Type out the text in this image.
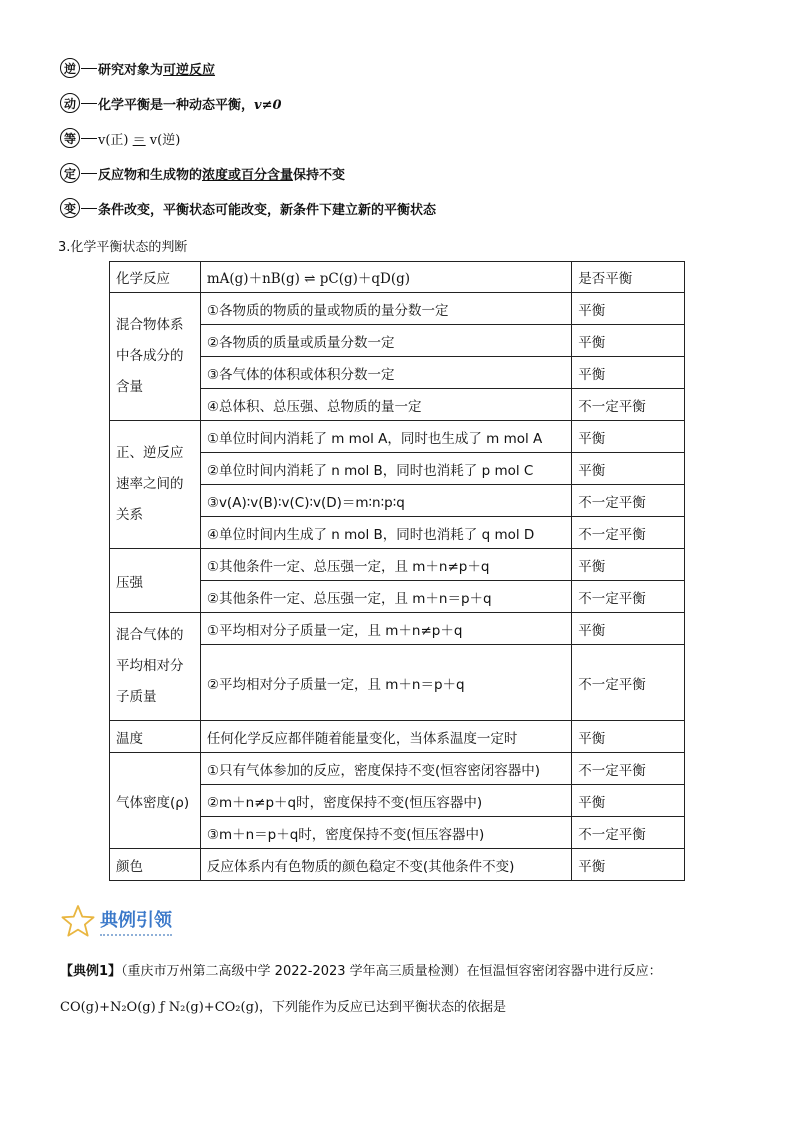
逆	研究对象为可逆反应
动	化学平衡是一种动态平衡，v≠0
等	v(正) ＝ v(逆)
定	反应物和生成物的浓度或百分含量保持不变
变	条件改变，平衡状态可能改变，新条件下建立新的平衡状态
3.化学平衡状态的判断
化学反应	mA(g)＋nB(g) ⇌ pC(g)＋qD(g)	是否平衡
混合物体系中各成分的含量	①各物质的物质的量或物质的量分数一定	平衡
	②各物质的质量或质量分数一定	平衡
	③各气体的体积或体积分数一定	平衡
	④总体积、总压强、总物质的量一定	不一定平衡
正、逆反应速率之间的关系	①单位时间内消耗了 m mol A，同时也生成了 m mol A	平衡
	②单位时间内消耗了 n mol B，同时也消耗了 p mol C	平衡
	③v(A)∶v(B)∶v(C)∶v(D)＝m∶n∶p∶q	不一定平衡
	④单位时间内生成了 n mol B，同时也消耗了 q mol D	不一定平衡
压强	①其他条件一定、总压强一定，且 m＋n≠p＋q	平衡
	②其他条件一定、总压强一定，且 m＋n＝p＋q	不一定平衡
混合气体的平均相对分子质量	①平均相对分子质量一定，且 m＋n≠p＋q	平衡
	②平均相对分子质量一定，且 m＋n＝p＋q	不一定平衡
温度	任何化学反应都伴随着能量变化，当体系温度一定时	平衡
气体密度(ρ)	①只有气体参加的反应，密度保持不变(恒容密闭容器中)	不一定平衡
	②m＋n≠p＋q时，密度保持不变(恒压容器中)	平衡
	③m＋n＝p＋q时，密度保持不变(恒压容器中)	不一定平衡
颜色	反应体系内有色物质的颜色稳定不变(其他条件不变)	平衡
典例引领
【典例1】（重庆市万州第二高级中学 2022-2023 学年高三质量检测）在恒温恒容密闭容器中进行反应：
CO(g)+N₂O(g) ƒ N₂(g)+CO₂(g)，下列能作为反应已达到平衡状态的依据是
